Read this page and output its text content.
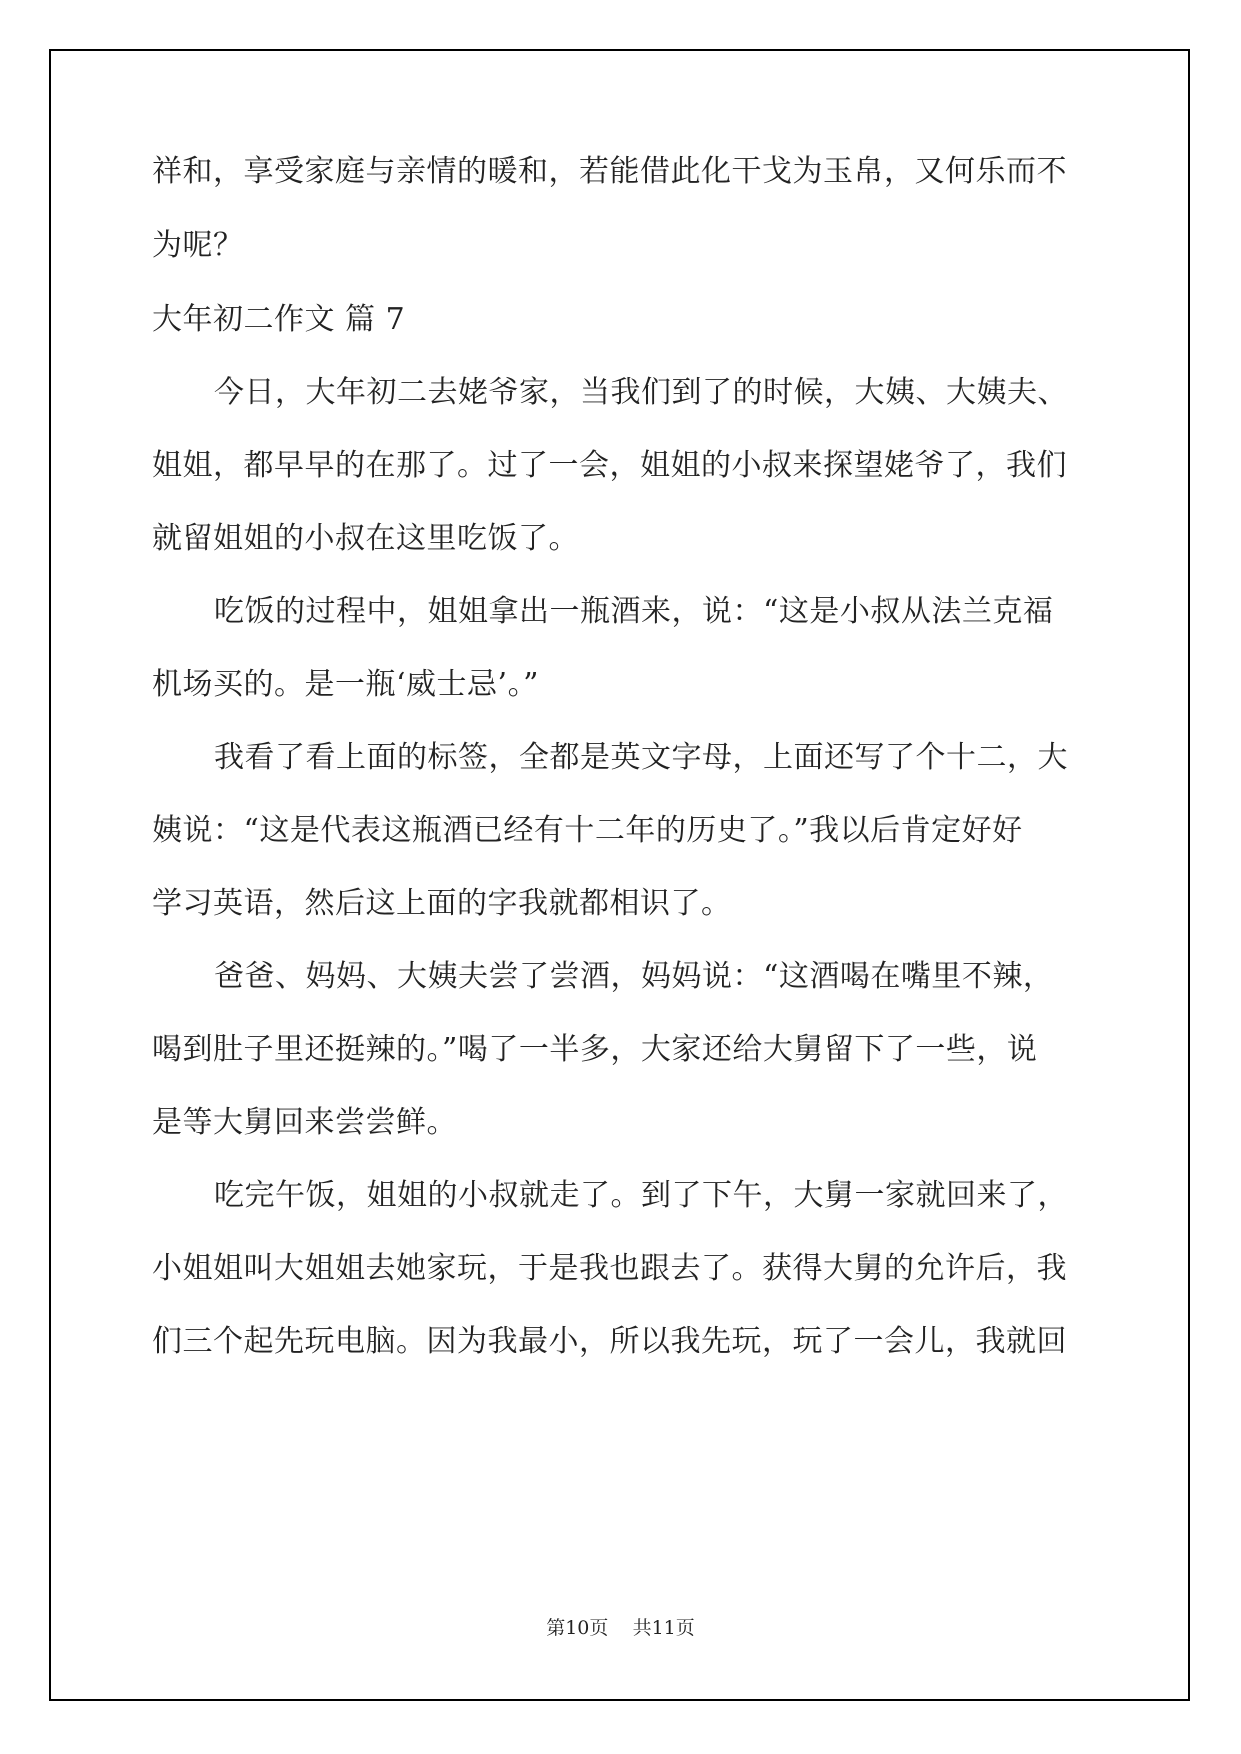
祥和，享受家庭与亲情的暖和，若能借此化干戈为玉帛，又何乐而不
为呢？
大年初二作文 篇 7
今日，大年初二去姥爷家，当我们到了的时候，大姨、大姨夫、
姐姐，都早早的在那了。过了一会，姐姐的小叔来探望姥爷了，我们
就留姐姐的小叔在这里吃饭了。
吃饭的过程中，姐姐拿出一瓶酒来，说：“这是小叔从法兰克福
机场买的。是一瓶‘威士忌’。”
我看了看上面的标签，全都是英文字母，上面还写了个十二，大
姨说：“这是代表这瓶酒已经有十二年的历史了。”我以后肯定好好
学习英语，然后这上面的字我就都相识了。
爸爸、妈妈、大姨夫尝了尝酒，妈妈说：“这酒喝在嘴里不辣，
喝到肚子里还挺辣的。”喝了一半多，大家还给大舅留下了一些，说
是等大舅回来尝尝鲜。
吃完午饭，姐姐的小叔就走了。到了下午，大舅一家就回来了，
小姐姐叫大姐姐去她家玩，于是我也跟去了。获得大舅的允许后，我
们三个起先玩电脑。因为我最小，所以我先玩，玩了一会儿，我就回
第10页 共11页
